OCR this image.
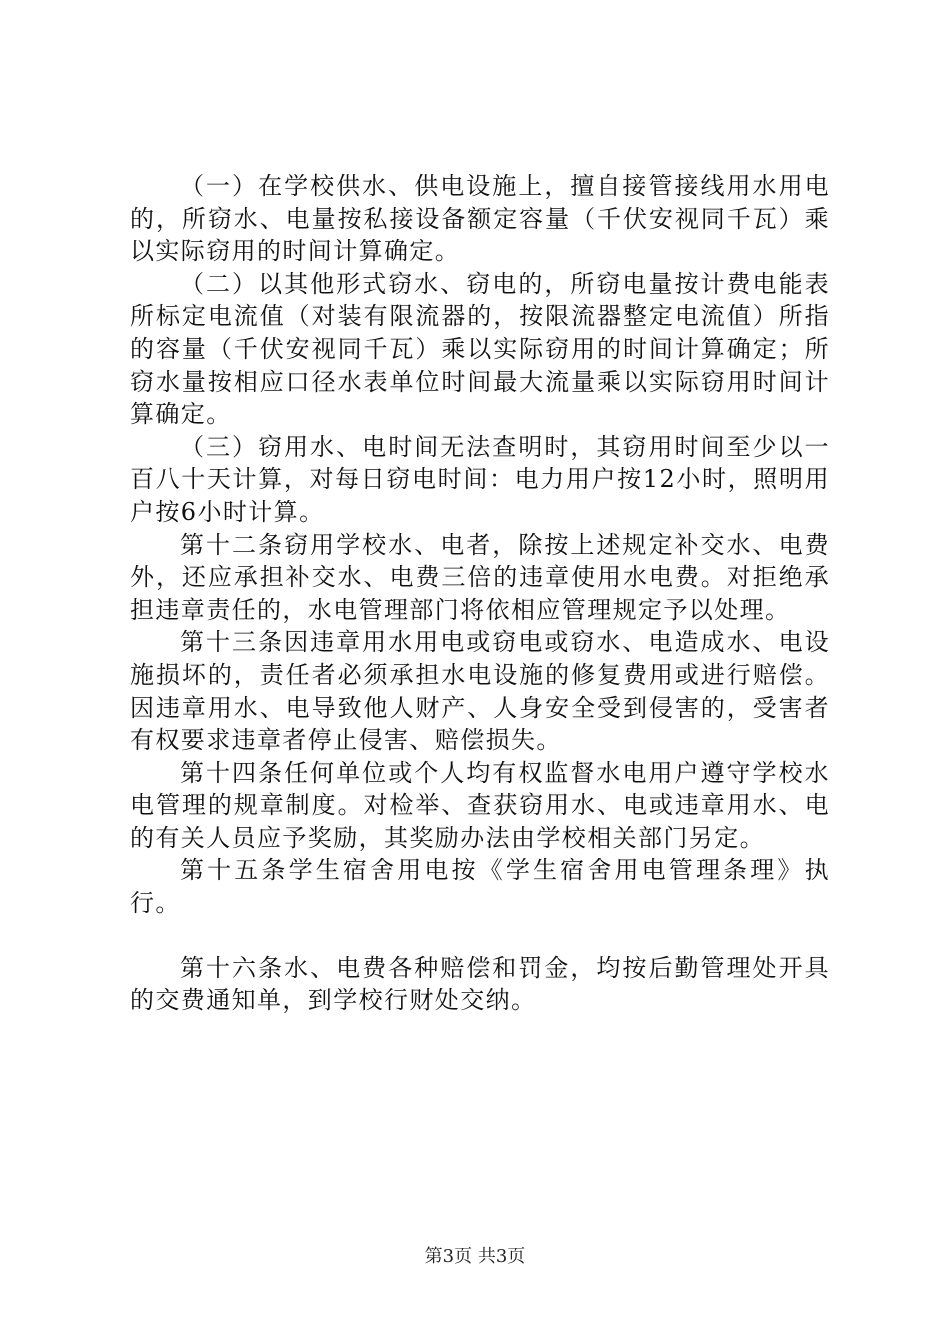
（一）在学校供水、供电设施上，擅自接管接线用水用电的，所窃水、电量按私接设备额定容量（千伏安视同千瓦）乘以实际窃用的时间计算确定。

（二）以其他形式窃水、窃电的，所窃电量按计费电能表所标定电流值（对装有限流器的，按限流器整定电流值）所指的容量（千伏安视同千瓦）乘以实际窃用的时间计算确定；所窃水量按相应口径水表单位时间最大流量乘以实际窃用时间计算确定。

（三）窃用水、电时间无法查明时，其窃用时间至少以一百八十天计算，对每日窃电时间：电力用户按12小时，照明用户按6小时计算。

第十二条窃用学校水、电者，除按上述规定补交水、电费外，还应承担补交水、电费三倍的违章使用水电费。对拒绝承担违章责任的，水电管理部门将依相应管理规定予以处理。

第十三条因违章用水用电或窃电或窃水、电造成水、电设施损坏的，责任者必须承担水电设施的修复费用或进行赔偿。因违章用水、电导致他人财产、人身安全受到侵害的，受害者有权要求违章者停止侵害、赔偿损失。

第十四条任何单位或个人均有权监督水电用户遵守学校水电管理的规章制度。对检举、查获窃用水、电或违章用水、电的有关人员应予奖励，其奖励办法由学校相关部门另定。

第十五条学生宿舍用电按《学生宿舍用电管理条理》执行。

第十六条水、电费各种赔偿和罚金，均按后勤管理处开具的交费通知单，到学校行财处交纳。

第3页 共3页
